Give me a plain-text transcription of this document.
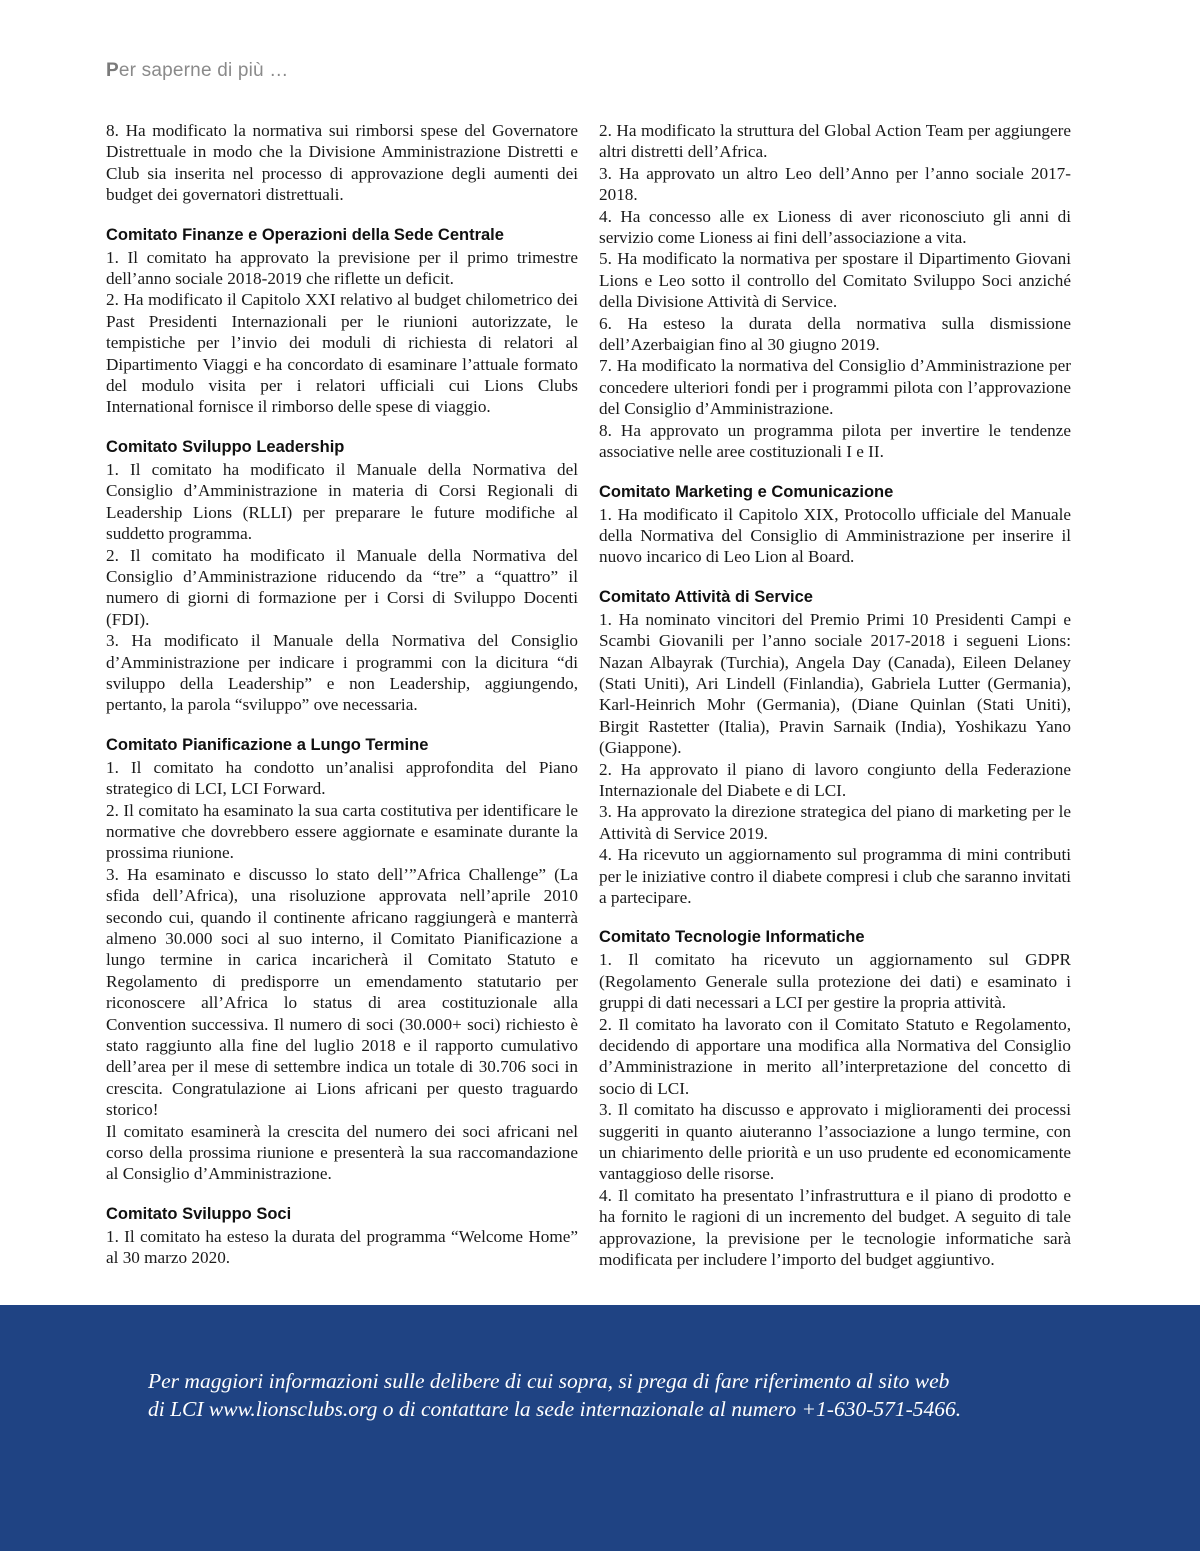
Per saperne di più …

8. Ha modificato la normativa sui rimborsi spese del Governatore Distrettuale in modo che la Divisione Amministrazione Distretti e Club sia inserita nel processo di approvazione degli aumenti dei budget dei governatori distrettuali.

Comitato Finanze e Operazioni della Sede Centrale

1. Il comitato ha approvato la previsione per il primo trimestre dell’anno sociale 2018-2019 che riflette un deficit.

2. Ha modificato il Capitolo XXI relativo al budget chilometrico dei Past Presidenti Internazionali per le riunioni autorizzate, le tempistiche per l’invio dei moduli di richiesta di relatori al Dipartimento Viaggi e ha concordato di esaminare l’attuale formato del modulo visita per i relatori ufficiali cui Lions Clubs International fornisce il rimborso delle spese di viaggio.

Comitato Sviluppo Leadership

1. Il comitato ha modificato il Manuale della Normativa del Consiglio d’Amministrazione in materia di Corsi Regionali di Leadership Lions (RLLI) per preparare le future modifiche al suddetto programma.

2. Il comitato ha modificato il Manuale della Normativa del Consiglio d’Amministrazione riducendo da “tre” a “quattro” il numero di giorni di formazione per i Corsi di Sviluppo Docenti (FDI).

3. Ha modificato il Manuale della Normativa del Consiglio d’Amministrazione per indicare i programmi con la dicitura “di sviluppo della Leadership” e non Leadership, aggiungendo, pertanto, la parola “sviluppo” ove necessaria.

Comitato Pianificazione a Lungo Termine

1. Il comitato ha condotto un’analisi approfondita del Piano strategico di LCI, LCI Forward.

2. Il comitato ha esaminato la sua carta costitutiva per identificare le normative che dovrebbero essere aggiornate e esaminate durante la prossima riunione.

3. Ha esaminato e discusso lo stato dell’”Africa Challenge” (La sfida dell’Africa), una risoluzione approvata nell’aprile 2010 secondo cui, quando il continente africano raggiungerà e manterrà almeno 30.000 soci al suo interno, il Comitato Pianificazione a lungo termine in carica incaricherà il Comitato Statuto e Regolamento di predisporre un emendamento statutario per riconoscere all’Africa lo status di area costituzionale alla Convention successiva. Il numero di soci (30.000+ soci) richiesto è stato raggiunto alla fine del luglio 2018 e il rapporto cumulativo dell’area per il mese di settembre indica un totale di 30.706 soci in crescita. Congratulazione ai Lions africani per questo traguardo storico!

Il comitato esaminerà la crescita del numero dei soci africani nel corso della prossima riunione e presenterà la sua raccomandazione al Consiglio d’Amministrazione.

Comitato Sviluppo Soci

1. Il comitato ha esteso la durata del programma “Welcome Home” al 30 marzo 2020.

2. Ha modificato la struttura del Global Action Team per aggiungere altri distretti dell’Africa.

3. Ha approvato un altro Leo dell’Anno per l’anno sociale 2017-2018.

4. Ha concesso alle ex Lioness di aver riconosciuto gli anni di servizio come Lioness ai fini dell’associazione a vita.

5. Ha modificato la normativa per spostare il Dipartimento Giovani Lions e Leo sotto il controllo del Comitato Sviluppo Soci anziché della Divisione Attività di Service.

6. Ha esteso la durata della normativa sulla dismissione dell’Azerbaigian fino al 30 giugno 2019.

7. Ha modificato la normativa del Consiglio d’Amministrazione per concedere ulteriori fondi per i programmi pilota con l’approvazione del Consiglio d’Amministrazione.

8. Ha approvato un programma pilota per invertire le tendenze associative nelle aree costituzionali I e II.

Comitato Marketing e Comunicazione

1. Ha modificato il Capitolo XIX, Protocollo ufficiale del Manuale della Normativa del Consiglio di Amministrazione per inserire il nuovo incarico di Leo Lion al Board.

Comitato Attività di Service

1. Ha nominato vincitori del Premio Primi 10 Presidenti Campi e Scambi Giovanili per l’anno sociale 2017-2018 i segueni Lions: Nazan Albayrak (Turchia), Angela Day (Canada), Eileen Delaney (Stati Uniti), Ari Lindell (Finlandia), Gabriela Lutter (Germania), Karl-Heinrich Mohr (Germania), (Diane Quinlan (Stati Uniti), Birgit Rastetter (Italia), Pravin Sarnaik (India), Yoshikazu Yano (Giappone).

2. Ha approvato il piano di lavoro congiunto della Federazione Internazionale del Diabete e di LCI.

3. Ha approvato la direzione strategica del piano di marketing per le Attività di Service 2019.

4. Ha ricevuto un aggiornamento sul programma di mini contributi per le iniziative contro il diabete compresi i club che saranno invitati a partecipare.

Comitato Tecnologie Informatiche

1. Il comitato ha ricevuto un aggiornamento sul GDPR (Regolamento Generale sulla protezione dei dati) e esaminato i gruppi di dati necessari a LCI per gestire la propria attività.

2. Il comitato ha lavorato con il Comitato Statuto e Regolamento, decidendo di apportare una modifica alla Normativa del Consiglio d’Amministrazione in merito all’interpretazione del concetto di socio di LCI.

3. Il comitato ha discusso e approvato i miglioramenti dei processi suggeriti in quanto aiuteranno l’associazione a lungo termine, con un chiarimento delle priorità e un uso prudente ed economicamente vantaggioso delle risorse.

4. Il comitato ha presentato l’infrastruttura e il piano di prodotto e ha fornito le ragioni di un incremento del budget. A seguito di tale approvazione, la previsione per le tecnologie informatiche sarà modificata per includere l’importo del budget aggiuntivo.

Per maggiori informazioni sulle delibere di cui sopra, si prega di fare riferimento al sito web
di LCI www.lionsclubs.org o di contattare la sede internazionale al numero +1-630-571-5466.
